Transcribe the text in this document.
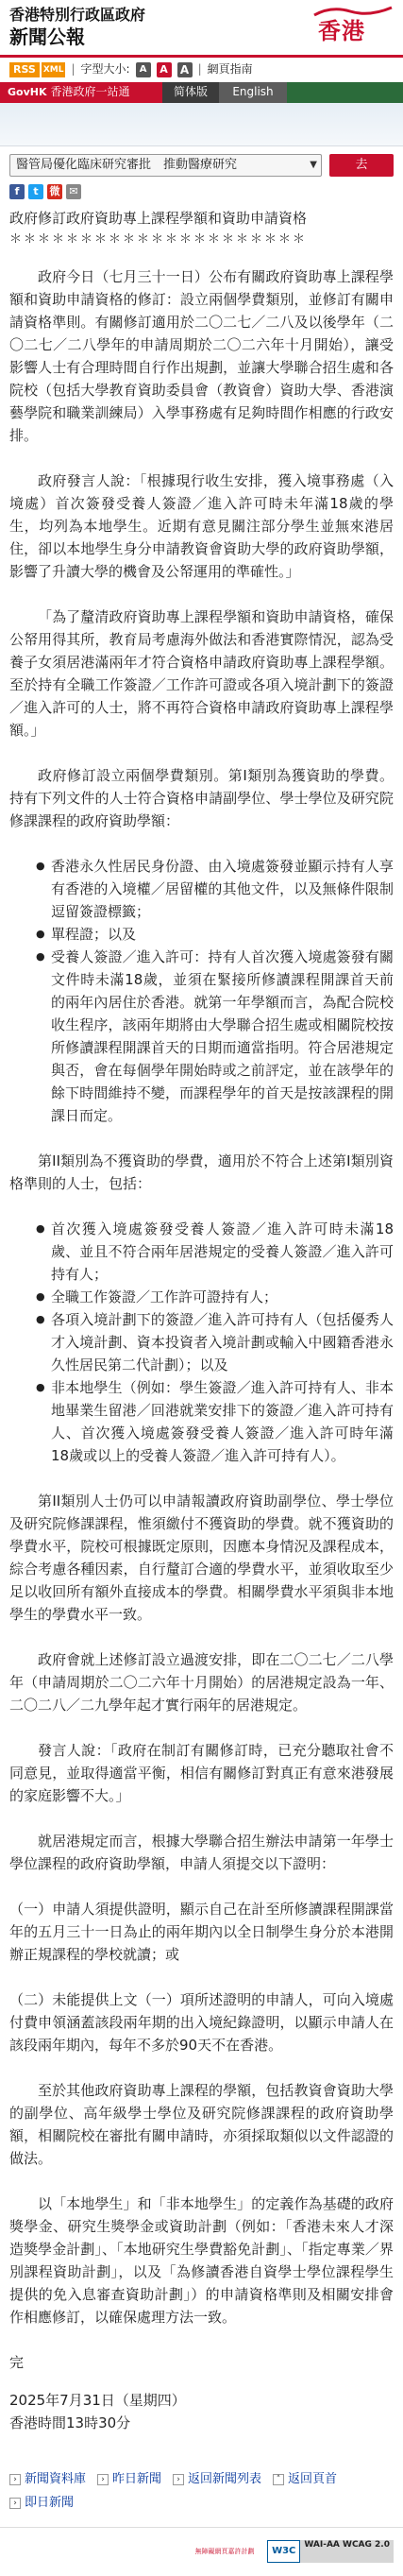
香港特別行政區政府
新聞公報	香港
RSS XML | 字型大小:	A	A	A | 網頁指南
GovHK 香港政府一站通	简体版	English
醫管局優化臨床研究審批　推動醫療研究	▼	去
f	t	微 ✉
政府修訂政府資助專上課程學額和資助申請資格
＊＊＊＊＊＊＊＊＊＊＊＊＊＊＊＊＊＊＊＊＊

政府今日（七月三十一日）公布有關政府資助專上課程學額和資助申請資格的修訂：設立兩個學費類別，並修訂有關申請資格準則。有關修訂適用於二〇二七／二八及以後學年（二〇二七／二八學年的申請周期於二〇二六年十月開始），讓受影響人士有合理時間自行作出規劃，並讓大學聯合招生處和各院校（包括大學教育資助委員會（教資會）資助大學、香港演藝學院和職業訓練局）入學事務處有足夠時間作相應的行政安排。

政府發言人說：「根據現行收生安排，獲入境事務處（入境處）首次簽發受養人簽證／進入許可時未年滿18歲的學生，均列為本地學生。近期有意見關注部分學生並無來港居住，卻以本地學生身分申請教資會資助大學的政府資助學額，影響了升讀大學的機會及公帑運用的準確性。」

「為了釐清政府資助專上課程學額和資助申請資格，確保公帑用得其所，教育局考慮海外做法和香港實際情況，認為受養子女須居港滿兩年才符合資格申請政府資助專上課程學額。至於持有全職工作簽證／工作許可證或各項入境計劃下的簽證／進入許可的人士，將不再符合資格申請政府資助專上課程學額。」

政府修訂設立兩個學費類別。第I類別為獲資助的學費。持有下列文件的人士符合資格申請副學位、學士學位及研究院修課課程的政府資助學額：

● 香港永久性居民身份證、由入境處簽發並顯示持有人享有香港的入境權／居留權的其他文件，以及無條件限制逗留簽證標籤；
● 單程證；以及
● 受養人簽證／進入許可：持有人首次獲入境處簽發有關文件時未滿18歲，並須在緊接所修讀課程開課首天前的兩年內居住於香港。就第一年學額而言，為配合院校收生程序，該兩年期將由大學聯合招生處或相關院校按所修讀課程開課首天的日期而適當指明。符合居港規定與否，會在每個學年開始時或之前評定，並在該學年的餘下時間維持不變，而課程學年的首天是按該課程的開課日而定。

第II類別為不獲資助的學費，適用於不符合上述第I類別資格準則的人士，包括：

● 首次獲入境處簽發受養人簽證／進入許可時未滿18歲、並且不符合兩年居港規定的受養人簽證／進入許可持有人；
● 全職工作簽證／工作許可證持有人；
● 各項入境計劃下的簽證／進入許可持有人（包括優秀人才入境計劃、資本投資者入境計劃或輸入中國籍香港永久性居民第二代計劃）；以及
● 非本地學生（例如：學生簽證／進入許可持有人、非本地畢業生留港／回港就業安排下的簽證／進入許可持有人、首次獲入境處簽發受養人簽證／進入許可時年滿18歲或以上的受養人簽證／進入許可持有人）。

第II類別人士仍可以申請報讀政府資助副學位、學士學位及研究院修課課程，惟須繳付不獲資助的學費。就不獲資助的學費水平，院校可根據既定原則，因應本身情況及課程成本，綜合考慮各種因素，自行釐訂合適的學費水平，並須收取至少足以收回所有額外直接成本的學費。相關學費水平須與非本地學生的學費水平一致。

政府會就上述修訂設立過渡安排，即在二〇二七／二八學年（申請周期於二〇二六年十月開始）的居港規定設為一年、二〇二八／二九學年起才實行兩年的居港規定。

發言人說：「政府在制訂有關修訂時，已充分聽取社會不同意見，並取得適當平衡，相信有關修訂對真正有意來港發展的家庭影響不大。」

就居港規定而言，根據大學聯合招生辦法申請第一年學士學位課程的政府資助學額，申請人須提交以下證明：

（一）申請人須提供證明，顯示自己在計至所修讀課程開課當年的五月三十一日為止的兩年期內以全日制學生身分於本港開辦正規課程的學校就讀；或

（二）未能提供上文（一）項所述證明的申請人，可向入境處付費申領涵蓋該段兩年期的出入境紀錄證明，以顯示申請人在該段兩年期內，每年不多於90天不在香港。

至於其他政府資助專上課程的學額，包括教資會資助大學的副學位、高年級學士學位及研究院修課課程的政府資助學額，相關院校在審批有關申請時，亦須採取類似以文件認證的做法。

以「本地學生」和「非本地學生」的定義作為基礎的政府獎學金、研究生獎學金或資助計劃（例如：「香港未來人才深造獎學金計劃」、「本地研究生學費豁免計劃」、「指定專業／界別課程資助計劃」，以及「為修讀香港自資學士學位課程學生提供的免入息審查資助計劃」）的申請資格準則及相關安排會作相應修訂，以確保處理方法一致。

完
2025年7月31日（星期四）
香港時間13時30分
› 新聞資料庫	› 昨日新聞	› 返回新聞列表	˄ 返回頁首
› 即日新聞
無障礙網頁嘉許計劃	W3C
WAI-AA WCAG 2.0
